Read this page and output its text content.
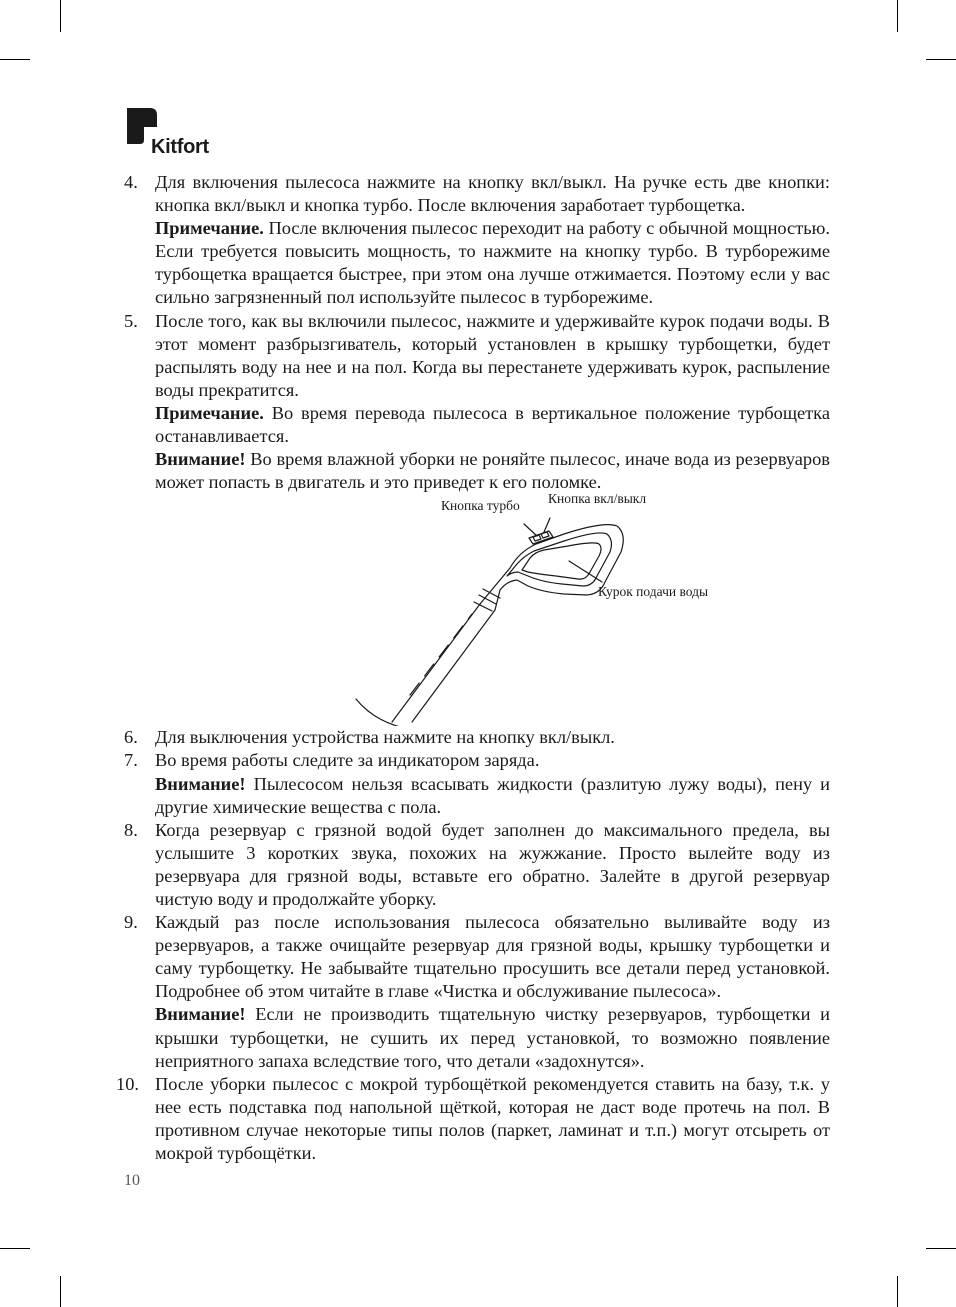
Kitfort
4. Для включения пылесоса нажмите на кнопку вкл/выкл. На ручке есть две кнопки: кнопка вкл/выкл и кнопка турбо. После включения заработает турбощетка.

Примечание. После включения пылесос переходит на работу с обычной мощностью. Если требуется повысить мощность, то нажмите на кнопку турбо. В турборежиме турбощетка вращается быстрее, при этом она лучше отжимается. Поэтому если у вас сильно загрязненный пол используйте пылесос в турборежиме.

5. После того, как вы включили пылесос, нажмите и удерживайте курок подачи воды. В этот момент разбрызгиватель, который установлен в крышку турбощетки, будет распылять воду на нее и на пол. Когда вы перестанете удерживать курок, распыление воды прекратится.

Примечание. Во время перевода пылесоса в вертикальное положение турбощетка останавливается.

Внимание! Во время влажной уборки не роняйте пылесос, иначе вода из резервуаров может попасть в двигатель и это приведет к его поломке.

Кнопка турбо Кнопка вкл/выкл
Курок подачи воды
6. Для выключения устройства нажмите на кнопку вкл/выкл.

7. Во время работы следите за индикатором заряда.

Внимание! Пылесосом нельзя всасывать жидкости (разлитую лужу воды), пену и другие химические вещества с пола.

8. Когда резервуар с грязной водой будет заполнен до максимального предела, вы услышите 3 коротких звука, похожих на жужжание. Просто вылейте воду из резервуара для грязной воды, вставьте его обратно. Залейте в другой резервуар чистую воду и продолжайте уборку.

9. Каждый раз после использования пылесоса обязательно выливайте воду из резервуаров, а также очищайте резервуар для грязной воды, крышку турбощетки и саму турбощетку. Не забывайте тщательно просушить все детали перед установкой. Подробнее об этом читайте в главе «Чистка и обслуживание пылесоса».

Внимание! Если не производить тщательную чистку резервуаров, турбощетки и крышки турбощетки, не сушить их перед установкой, то возможно появление неприятного запаха вследствие того, что детали «задохнутся».

10. После уборки пылесос с мокрой турбощёткой рекомендуется ставить на базу, т.к. у нее есть подставка под напольной щёткой, которая не даст воде протечь на пол. В противном случае некоторые типы полов (паркет, ламинат и т.п.) могут отсыреть от мокрой турбощётки.

10
